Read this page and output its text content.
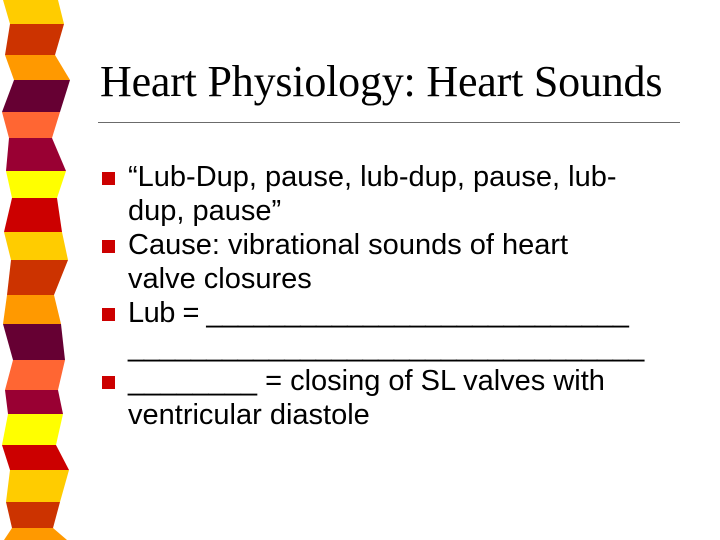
Heart Physiology: Heart Sounds
“Lub-Dup, pause, lub-dup, pause, lub-
dup, pause”
Cause: vibrational sounds of heart
valve closures
Lub = ___________________________
_________________________________
________ = closing of SL valves with
ventricular diastole
